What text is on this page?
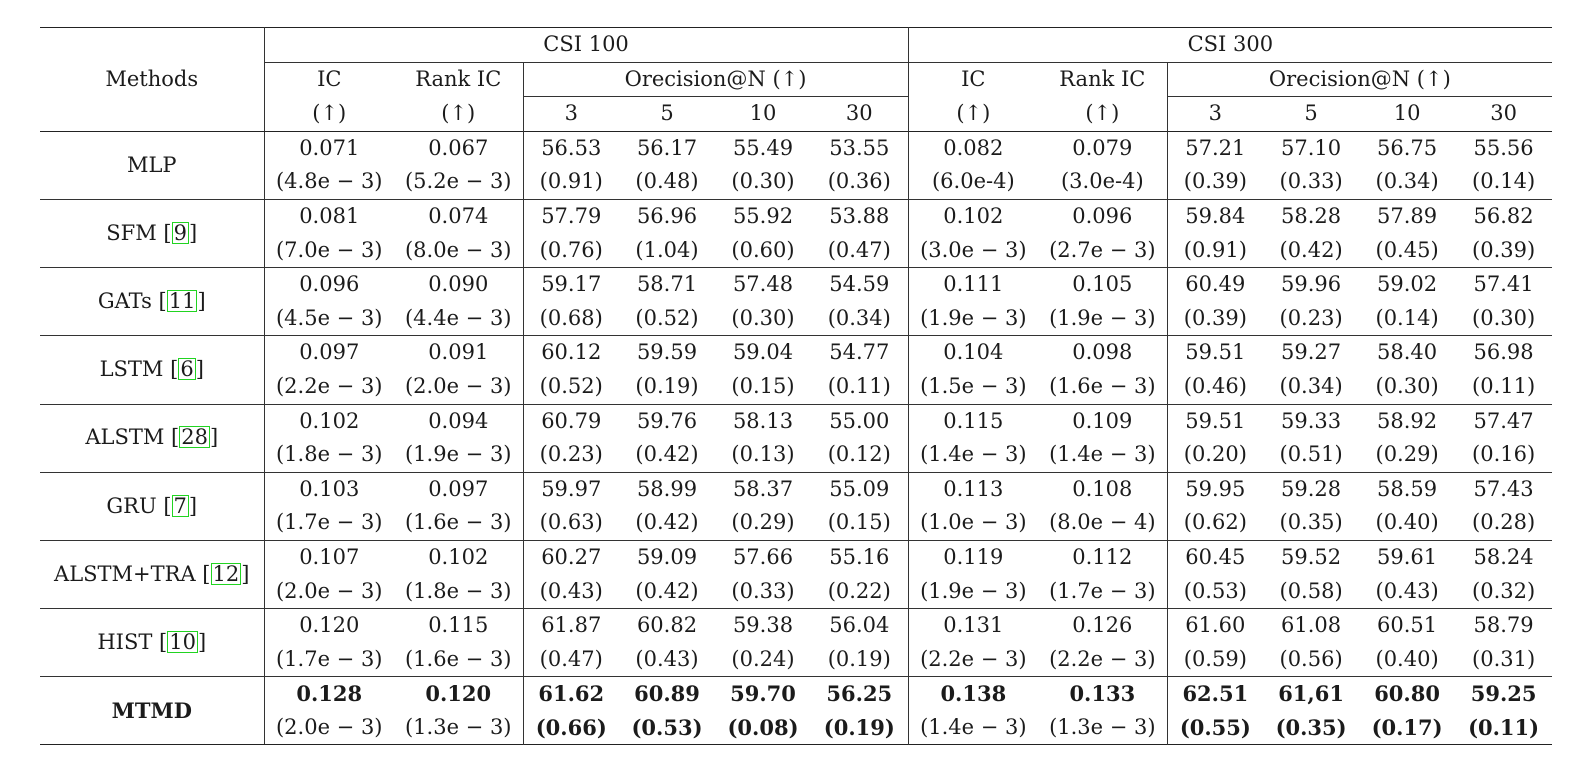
Methods	CSI 100						CSI 300					
	IC	Rank IC	Orecision@N (↑)				IC	Rank IC	Orecision@N (↑)			
	(↑)	(↑)	3	5	10	30	(↑)	(↑)	3	5	10	30
MLP	0.071	0.067	56.53	56.17	55.49	53.55	0.082	0.079	57.21	57.10	56.75	55.56
	(4.8e − 3)	(5.2e − 3)	(0.91)	(0.48)	(0.30)	(0.36)	(6.0e-4)	(3.0e-4)	(0.39)	(0.33)	(0.34)	(0.14)
SFM [9]	0.081	0.074	57.79	56.96	55.92	53.88	0.102	0.096	59.84	58.28	57.89	56.82
	(7.0e − 3)	(8.0e − 3)	(0.76)	(1.04)	(0.60)	(0.47)	(3.0e − 3)	(2.7e − 3)	(0.91)	(0.42)	(0.45)	(0.39)
GATs [11]	0.096	0.090	59.17	58.71	57.48	54.59	0.111	0.105	60.49	59.96	59.02	57.41
	(4.5e − 3)	(4.4e − 3)	(0.68)	(0.52)	(0.30)	(0.34)	(1.9e − 3)	(1.9e − 3)	(0.39)	(0.23)	(0.14)	(0.30)
LSTM [6]	0.097	0.091	60.12	59.59	59.04	54.77	0.104	0.098	59.51	59.27	58.40	56.98
	(2.2e − 3)	(2.0e − 3)	(0.52)	(0.19)	(0.15)	(0.11)	(1.5e − 3)	(1.6e − 3)	(0.46)	(0.34)	(0.30)	(0.11)
ALSTM [28]	0.102	0.094	60.79	59.76	58.13	55.00	0.115	0.109	59.51	59.33	58.92	57.47
	(1.8e − 3)	(1.9e − 3)	(0.23)	(0.42)	(0.13)	(0.12)	(1.4e − 3)	(1.4e − 3)	(0.20)	(0.51)	(0.29)	(0.16)
GRU [7]	0.103	0.097	59.97	58.99	58.37	55.09	0.113	0.108	59.95	59.28	58.59	57.43
	(1.7e − 3)	(1.6e − 3)	(0.63)	(0.42)	(0.29)	(0.15)	(1.0e − 3)	(8.0e − 4)	(0.62)	(0.35)	(0.40)	(0.28)
ALSTM+TRA [12]	0.107	0.102	60.27	59.09	57.66	55.16	0.119	0.112	60.45	59.52	59.61	58.24
	(2.0e − 3)	(1.8e − 3)	(0.43)	(0.42)	(0.33)	(0.22)	(1.9e − 3)	(1.7e − 3)	(0.53)	(0.58)	(0.43)	(0.32)
HIST [10]	0.120	0.115	61.87	60.82	59.38	56.04	0.131	0.126	61.60	61.08	60.51	58.79
	(1.7e − 3)	(1.6e − 3)	(0.47)	(0.43)	(0.24)	(0.19)	(2.2e − 3)	(2.2e − 3)	(0.59)	(0.56)	(0.40)	(0.31)
MTMD	0.128	0.120	61.62	60.89	59.70	56.25	0.138	0.133	62.51	61,61	60.80	59.25
	(2.0e − 3)	(1.3e − 3)	(0.66)	(0.53)	(0.08)	(0.19)	(1.4e − 3)	(1.3e − 3)	(0.55)	(0.35)	(0.17)	(0.11)
